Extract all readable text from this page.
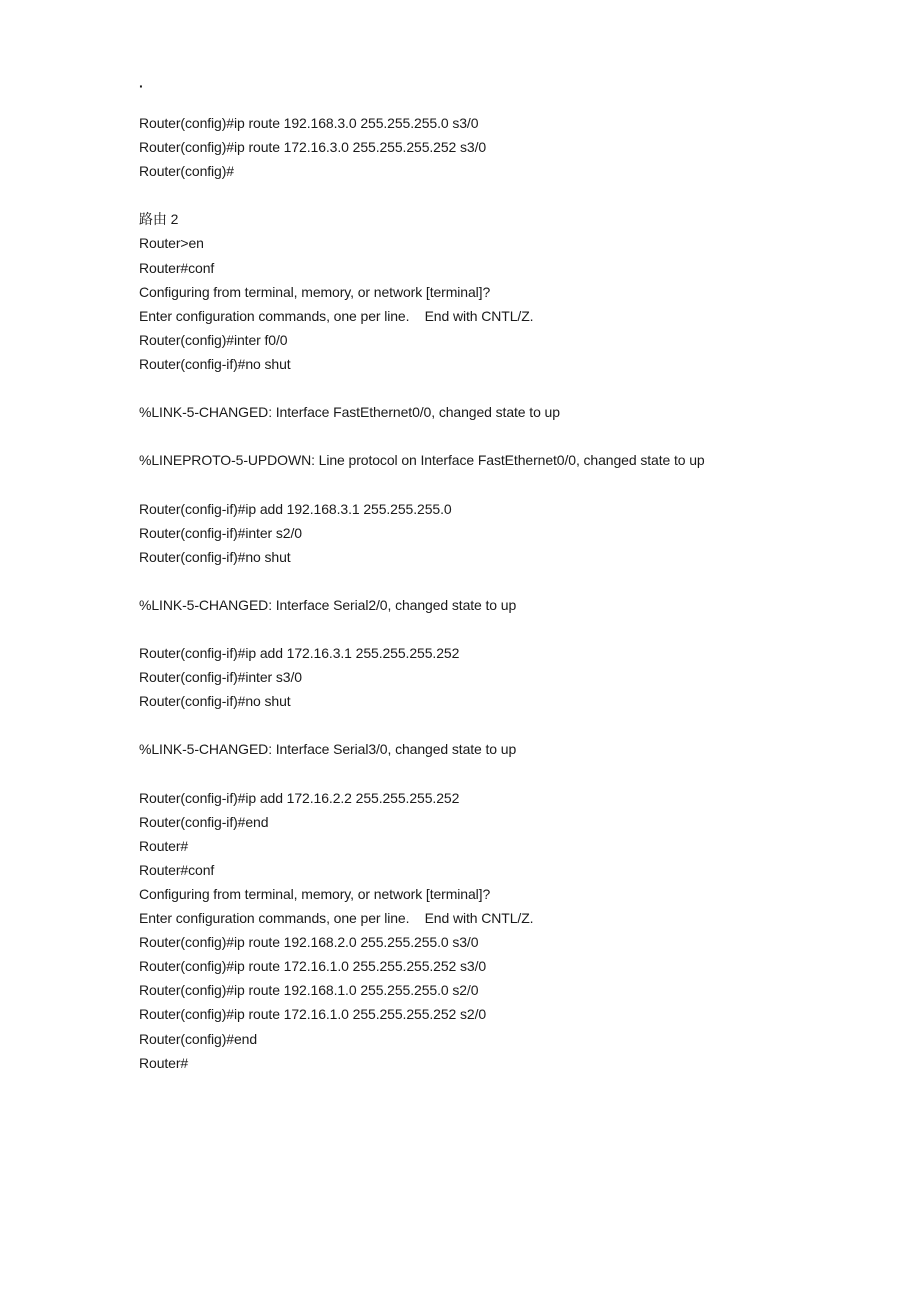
·
Router(config)#ip route 192.168.3.0 255.255.255.0 s3/0
Router(config)#ip route 172.16.3.0 255.255.255.252 s3/0
Router(config)#
路由 2
Router>en
Router#conf
Configuring from terminal, memory, or network [terminal]?
Enter configuration commands, one per line.    End with CNTL/Z.
Router(config)#inter f0/0
Router(config-if)#no shut
%LINK-5-CHANGED: Interface FastEthernet0/0, changed state to up
%LINEPROTO-5-UPDOWN: Line protocol on Interface FastEthernet0/0, changed state to up
Router(config-if)#ip add 192.168.3.1 255.255.255.0
Router(config-if)#inter s2/0
Router(config-if)#no shut
%LINK-5-CHANGED: Interface Serial2/0, changed state to up
Router(config-if)#ip add 172.16.3.1 255.255.255.252
Router(config-if)#inter s3/0
Router(config-if)#no shut
%LINK-5-CHANGED: Interface Serial3/0, changed state to up
Router(config-if)#ip add 172.16.2.2 255.255.255.252
Router(config-if)#end
Router#
Router#conf
Configuring from terminal, memory, or network [terminal]?
Enter configuration commands, one per line.    End with CNTL/Z.
Router(config)#ip route 192.168.2.0 255.255.255.0 s3/0
Router(config)#ip route 172.16.1.0 255.255.255.252 s3/0
Router(config)#ip route 192.168.1.0 255.255.255.0 s2/0
Router(config)#ip route 172.16.1.0 255.255.255.252 s2/0
Router(config)#end
Router#
